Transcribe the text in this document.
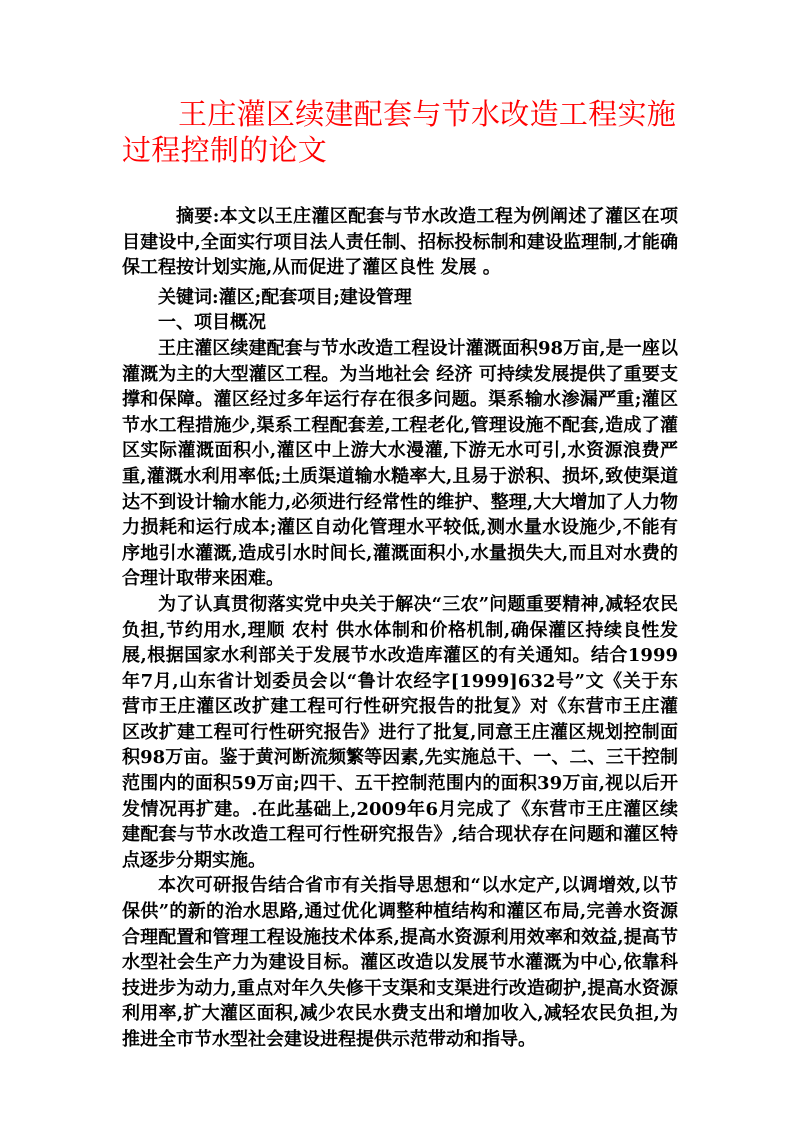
王庄灌区续建配套与节水改造工程实施过程控制的论文

摘要:本文以王庄灌区配套与节水改造工程为例阐述了灌区在项目建设中,全面实行项目法人责任制、招标投标制和建设监理制,才能确保工程按计划实施,从而促进了灌区良性 发展 。

关键词:灌区;配套项目;建设管理

一、项目概况

王庄灌区续建配套与节水改造工程设计灌溉面积98万亩,是一座以灌溉为主的大型灌区工程。为当地社会 经济 可持续发展提供了重要支撑和保障。灌区经过多年运行存在很多问题。渠系输水渗漏严重;灌区节水工程措施少,渠系工程配套差,工程老化,管理设施不配套,造成了灌区实际灌溉面积小,灌区中上游大水漫灌,下游无水可引,水资源浪费严重,灌溉水利用率低;土质渠道输水糙率大,且易于淤积、损坏,致使渠道达不到设计输水能力,必须进行经常性的维护、整理,大大增加了人力物力损耗和运行成本;灌区自动化管理水平较低,测水量水设施少,不能有序地引水灌溉,造成引水时间长,灌溉面积小,水量损失大,而且对水费的合理计取带来困难。

为了认真贯彻落实党中央关于解决“三农”问题重要精神,减轻农民负担,节约用水,理顺 农村 供水体制和价格机制,确保灌区持续良性发展,根据国家水利部关于发展节水改造库灌区的有关通知。结合1999年7月,山东省计划委员会以“鲁计农经字[1999]632号”文《关于东营市王庄灌区改扩建工程可行性研究报告的批复》对《东营市王庄灌区改扩建工程可行性研究报告》进行了批复,同意王庄灌区规划控制面积98万亩。鉴于黄河断流频繁等因素,先实施总干、一、二、三干控制范围内的面积59万亩;四干、五干控制范围内的面积39万亩,视以后开发情况再扩建。.在此基础上,2009年6月完成了《东营市王庄灌区续建配套与节水改造工程可行性研究报告》,结合现状存在问题和灌区特点逐步分期实施。

本次可研报告结合省市有关指导思想和“以水定产,以调增效,以节保供”的新的治水思路,通过优化调整种植结构和灌区布局,完善水资源合理配置和管理工程设施技术体系,提高水资源利用效率和效益,提高节水型社会生产力为建设目标。灌区改造以发展节水灌溉为中心,依靠科技进步为动力,重点对年久失修干支渠和支渠进行改造砌护,提高水资源利用率,扩大灌区面积,减少农民水费支出和增加收入,减轻农民负担,为推进全市节水型社会建设进程提供示范带动和指导。
